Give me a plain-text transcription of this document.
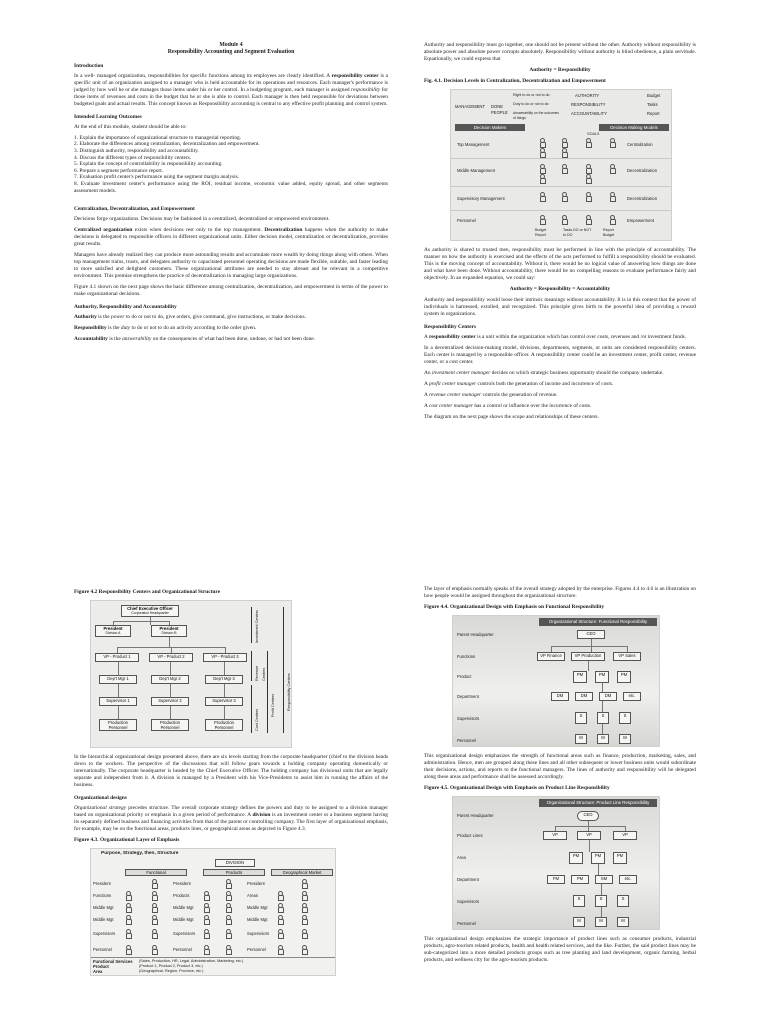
Module 4
Responsibility Accounting and Segment Evaluation
Introduction

In a well- managed organization, responsibilities for specific functions among its employees are clearly identified. A responsibility center is a specific unit of an organization assigned to a manager who is held accountable for its operations and resources. Each manager's performance is judged by how well he or she manages those items under his or her control. In a budgeting program, each manager is assigned responsibility for those items of revenues and costs in the budget that he or she is able to control. Each manager is then held responsible for deviations between budgeted goals and actual results. This concept known as Responsibility accounting is central to any effective profit planning and control system.

Intended Learning Outcomes

At the end of this module, student should be able to:

1. Explain the importance of organizational structure to managerial reporting.
2. Elaborate the differences among centralization, decentralization and empowerment.
3. Distinguish authority, responsibility and accountability.
4. Discuss the different types of responsibility centers.
5. Explain the concept of controllability in responsibility accounting.
6. Prepare a segment performance report.
7. Evaluation profit center's performance using the segment margin analysis.
8. Evaluate investment center's performance using the ROI, residual income, economic value added, equity spread, and other segments assessment models.
Centralization, Decentralization, and Empowerment

Decisions forge organizations. Decisions may be fashioned in a centralized, decentralized or empowered environment.

Centralized organization exists when decisions rest only to the top management. Decentralization happens when the authority to make decisions is delegated to responsible officers in different organizational units. Either decision model, centralization or decentralization, provides great results.

Managers have already realized they can produce more astounding results and accumulate more wealth by doing things along with others. When top management trains, trusts, and delegates authority to capacitated personnel operating decisions are made flexible, suitable, and faster leading to more satisfied and delighted customers. These organizational attributes are needed to stay abreast and be relevant in a competitive environment. This premise strengthens the practice of decentralization in managing large organizations.

Figure 4.1 shown on the next page shows the basic difference among centralization, decentralization, and empowerment in terms of the power to make organizational decisions.

Authority, Responsibility and Accountability

Authority is the power to do or not to do, give orders, give command, give instructions, or make decisions.

Responsibility is the duty to do or not to do an activity according to the order given.

Accountability is the answerability on the consequences of what had been done, undone, or had not been done.

Authority and responsibility must go together, one should not be present without the other. Authority without responsibility is absolute power and absolute power corrupts absolutely. Responsibility without authority is blind obedience, a plain servitude. Equationally, we could express that

Authority = Responsibility
Fig. 4.1. Decision Levels in Centralization, Decentralization and Empowerment
MANAGEMENT DONE
PEOPLE
Right to do or not to do
Duty to do or not to do
Answerability on the outcomes of things
AUTHORITY
RESPONSIBILITY
ACCOUNTABILITY
Budget
Tasks
Report
Decision Makers	Decision Making Models
GOALS
Top Management
Middle Management
Supervisory Management
Personnel
Centralization
Decentralization
Decentralization
Empowerment
Budget Report
Tasks DO or NOT to DO
Report Budget

As authority is shared to trusted men, responsibility must be performed in line with the principle of accountability. The manner on how the authority is exercised and the effects of the acts performed to fulfill a responsibility should be evaluated. This is the moving concept of accountability. Without it, there would be no logical value of answering how things are done and what have been done. Without accountability, there would be no compelling reasons to evaluate performance fairly and objectively. In an expanded equation, we could say:

Authority = Responsibility = Accountability

Authority and responsibility would loose their intrinsic meanings without accountability. It is in this context that the power of individuals is harnessed, extolled, and recognized. This principle gives birth to the powerful idea of providing a reward system in organizations.

Responsibility Centers

A responsibility center is a unit within the organization which has control over costs, revenues and /or investment funds.

In a decentralized decision-making model, divisions, departments, segments, or units are considered responsibility centers. Each center is managed by a responsible officer. A responsibility center could be an investment center, profit center, revenue center, or a cost center.

An investment center manager decides on which strategic business opportunity should the company undertake.

A profit center manager controls both the generation of income and incurrence of costs.

A revenue center manager controls the generation of revenue.

A cost center manager has a control or influence over the incurrence of costs.

The diagram on the next page shows the scope and relationships of these centers.

Figure 4.2 Responsibility Centers and Organizational Structure
Chief Executive Officer
Corporation Headquarter
President
Division A
President
Division B
VP - Product 1	VP - Product 2	VP - Product 3
Dep't Mgr 1	Dep't Mgr 2	Dep't Mgr 3
Supervisor 1	Supervisor 2	Supervisor 3
Production Personnel
Production Personnel
Production Personnel
Investment Centers
Revenue Centers
Cost Centers
Profit Centers	Responsibility Centers

In the hierarchical organizational design presented above, there are six levels starting from the corporate headquarter (chief to the division heads down to the workers. The perspective of the discussions that will follow gears towards a holding company operating domestically or internationally. The corporate headquarter is headed by the Chief Executive Officer. The holding company has divisional units that are legally separate and independent from it. A division is managed by a President with his Vice-Presidents to assist him in running the affairs of the business.

Organizational designs

Organizational strategy precedes structure. The overall corporate strategy defines the powers and duty to be assigned to a division manager based on organizational priority or emphasis in a given period of performance. A division is an investment center or a business segment having its separately defined business and financing activities from that of the parent or controlling company. The first layer of organizational emphasis, for example, may be on the functional areas, products lines, or geographical areas as depicted in Figure 4.3.

Figure 4.3. Organizational Layer of Emphasis
Purpose, Strategy, then, Structure
DIVISION
Functional	Products	Geographical Market
President
Functions
Middle Mgt
Middle Mgt
Supervisors
Personnel
President
Products
Middle Mgt
Middle Mgt
Supervisors
Personnel
President
Areas
Middle Mgt
Middle Mgt
Supervisors
Personnel
Functional Services
Product
Area
(Sales, Production, HR, Legal, Administration, Marketing, etc.)
(Product 1, Product 2, Product 3, etc.)
(Geographical, Region, Province, etc.)

The layer of emphasis normally speaks of the overall strategy adopted by the enterprise. Figures 4.4 to 4.6 is an illustration on how people would be assigned throughout the organizational structure.

Figure 4.4. Organizational Design with Emphasis on Functional Responsibility
Organizational Structure: Functional Responsibility
Parent Headquarter
Functions
Product
Department
Supervisors
Personnel
CEO
VP Finance	VP Production	VP Sales
PM	PM	PM
DM	DM	DM	etc.
S	S	S
M	M	M

This organizational design emphasizes the strength of functional areas such as finance, production, marketing, sales, and administration. Hence, men are grouped along these lines and all other subsequent or lower business units would subordinate their decisions, actions, and reports to the functional managers. The lines of authority and responsibility will be delegated along these areas and performance shall be assessed accordingly.

Figure 4.5. Organizational Design with Emphasis on Product Line Responsibility
Organizational Structure: Product Line Responsibility
Parent Headquarter
Product Lines
Area
Department
Supervisors
Personnel
CEO
VP	VP	VP
PM	PM	PM
FM	PM	SM	etc.
S	S	S
M	M	M

This organizational design emphasizes the strategic importance of product lines such as consumer products, industrial products, agro-tourism related products, health and health related services, and the like. Further, the said product lines may be sub-categorized into a more detailed products groups such as tree planting and land development, organic farming, herbal products, and wellness city for the agro-tourism products.
